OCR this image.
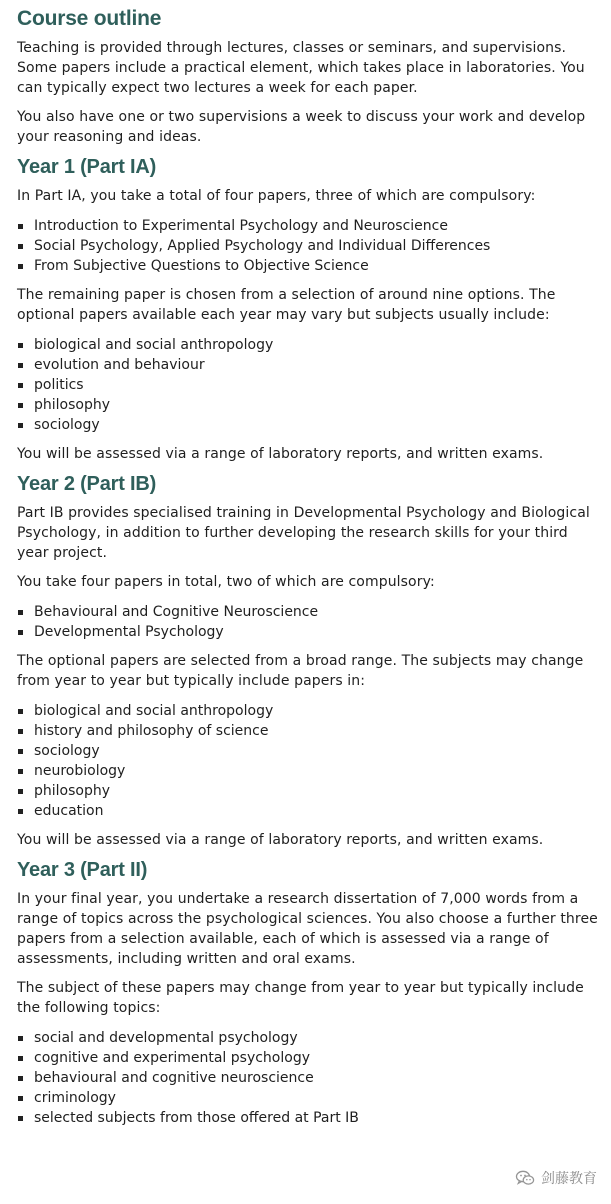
Course outline

Teaching is provided through lectures, classes or seminars, and supervisions. Some papers include a practical element, which takes place in laboratories. You can typically expect two lectures a week for each paper.

You also have one or two supervisions a week to discuss your work and develop your reasoning and ideas.

Year 1 (Part IA)

In Part IA, you take a total of four papers, three of which are compulsory:

Introduction to Experimental Psychology and Neuroscience
Social Psychology, Applied Psychology and Individual Differences
From Subjective Questions to Objective Science

The remaining paper is chosen from a selection of around nine options. The optional papers available each year may vary but subjects usually include:

biological and social anthropology
evolution and behaviour
politics
philosophy
sociology

You will be assessed via a range of laboratory reports, and written exams.

Year 2 (Part IB)

Part IB provides specialised training in Developmental Psychology and Biological Psychology, in addition to further developing the research skills for your third year project.

You take four papers in total, two of which are compulsory:

Behavioural and Cognitive Neuroscience
Developmental Psychology

The optional papers are selected from a broad range. The subjects may change from year to year but typically include papers in:

biological and social anthropology
history and philosophy of science
sociology
neurobiology
philosophy
education

You will be assessed via a range of laboratory reports, and written exams.

Year 3 (Part II)

In your final year, you undertake a research dissertation of 7,000 words from a range of topics across the psychological sciences. You also choose a further three papers from a selection available, each of which is assessed via a range of assessments, including written and oral exams.

The subject of these papers may change from year to year but typically include the following topics:

social and developmental psychology
cognitive and experimental psychology
behavioural and cognitive neuroscience
criminology
selected subjects from those offered at Part IB
剑藤教育
